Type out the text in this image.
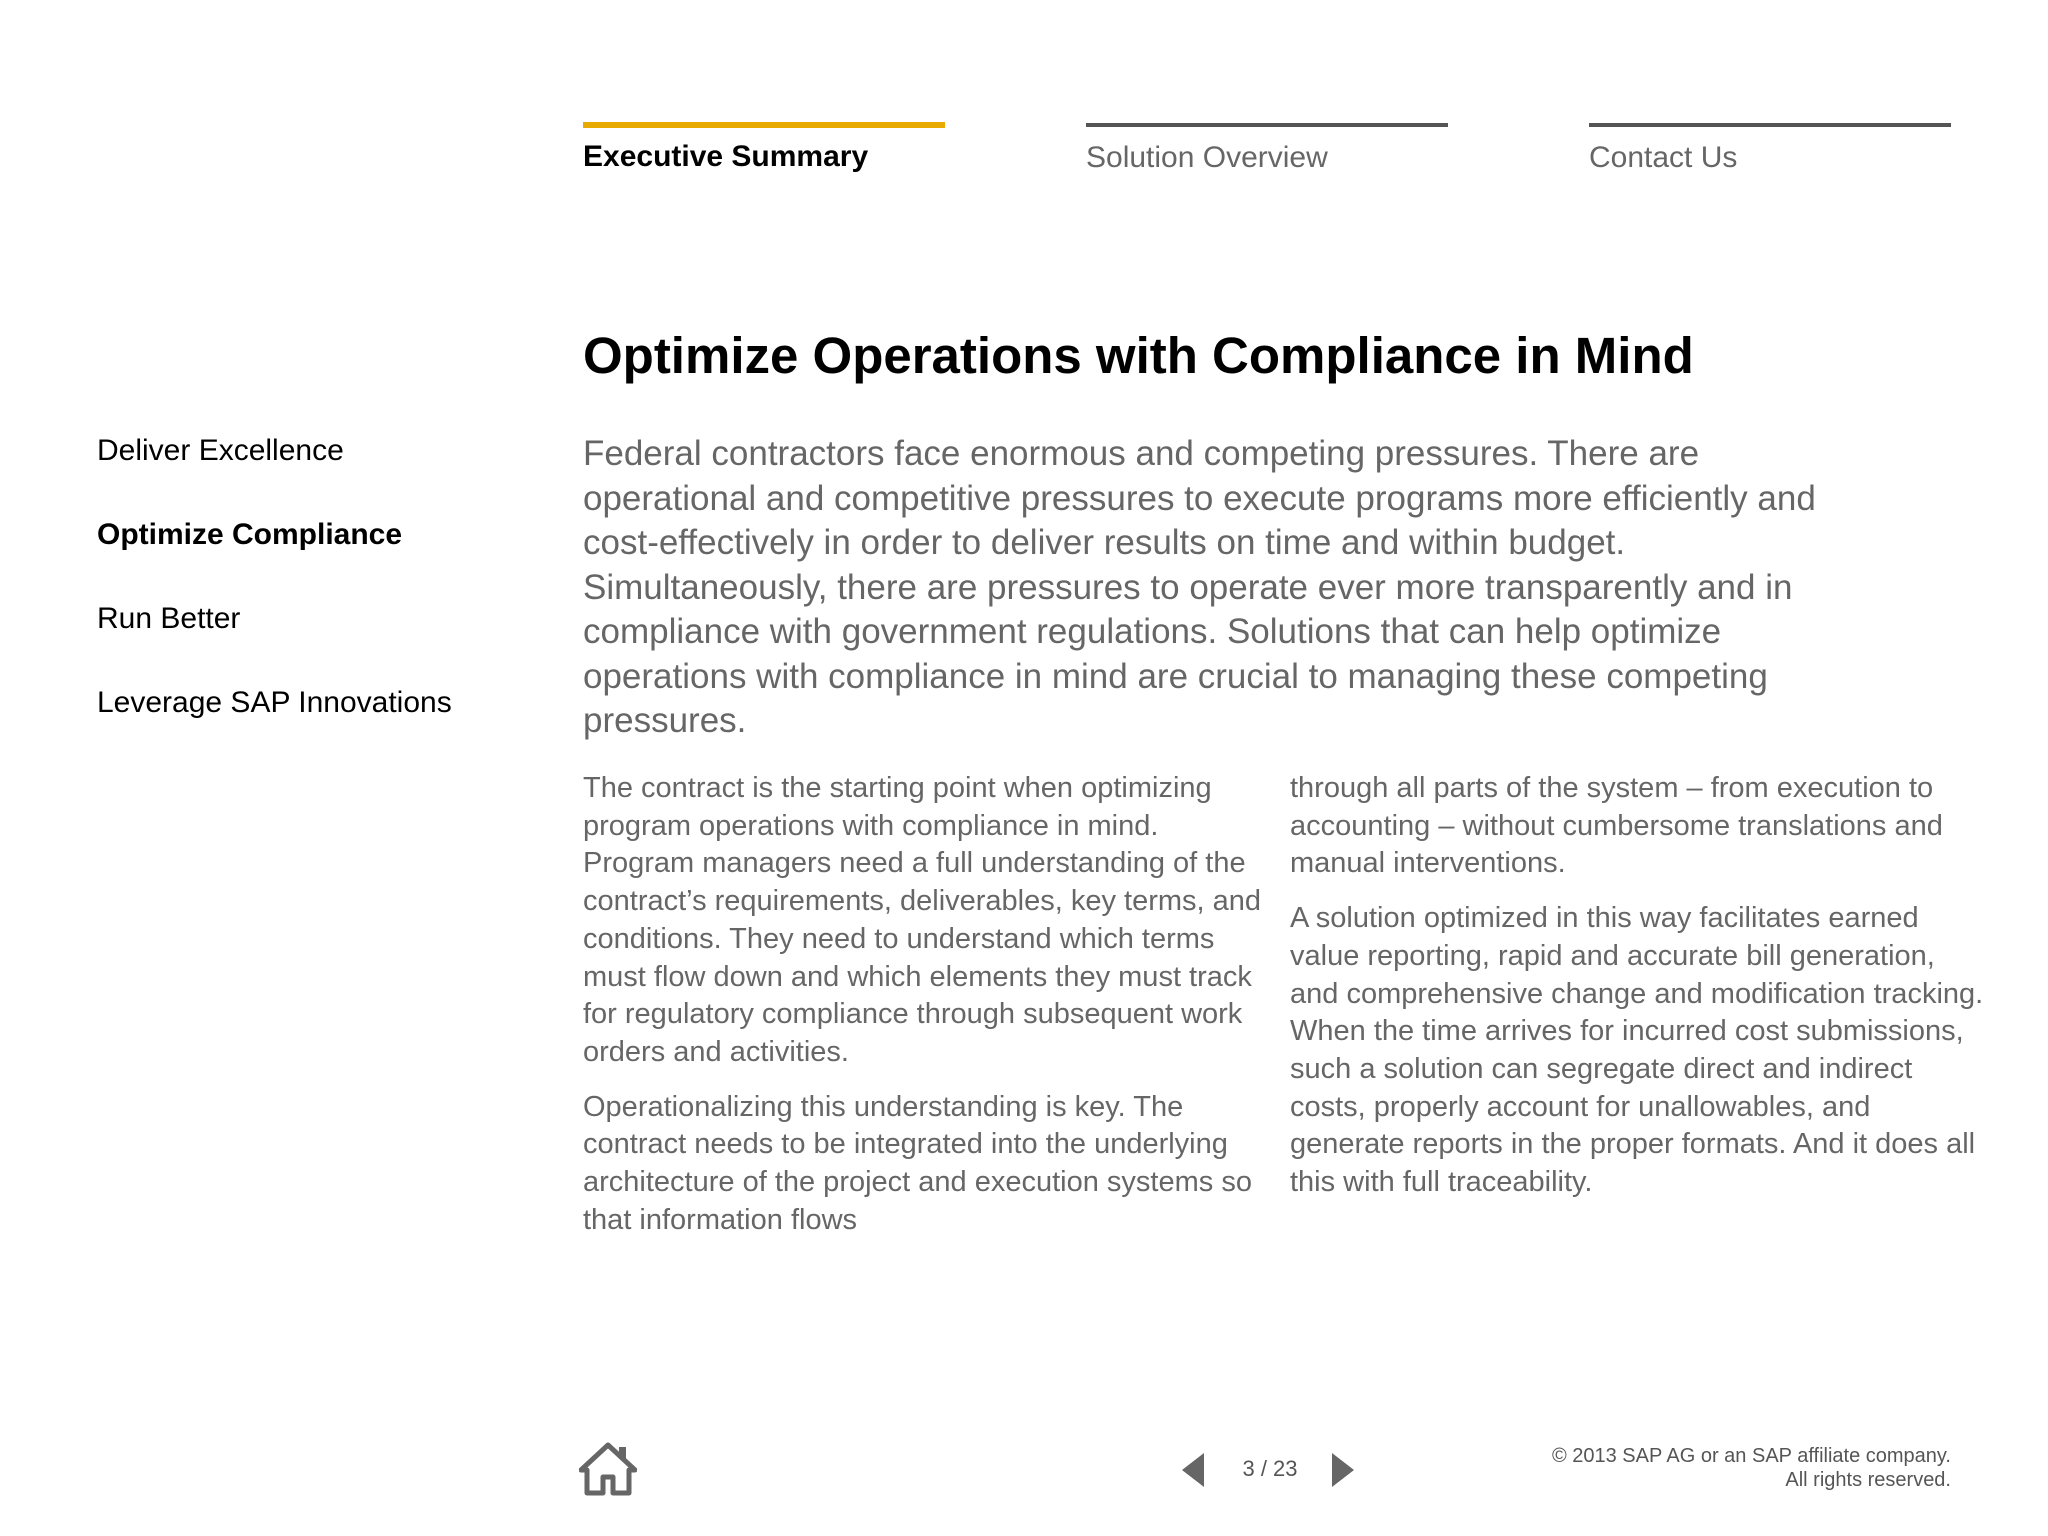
Executive Summary	Solution Overview	Contact Us
Deliver Excellence
Optimize Compliance
Run Better
Leverage SAP Innovations
Optimize Operations with Compliance in Mind
Federal contractors face enormous and competing pressures. There are operational and competitive pressures to execute programs more efficiently and cost-effectively in order to deliver results on time and within budget. Simultaneously, there are pressures to operate ever more transparently and in compliance with government regulations. Solutions that can help optimize operations with compliance in mind are crucial to managing these competing pressures.

The contract is the starting point when optimizing program operations with compliance in mind. Program managers need a full understanding of the contract’s requirements, deliverables, key terms, and conditions. They need to understand which terms must flow down and which elements they must track for regulatory compliance through subsequent work orders and activities.

Operationalizing this understanding is key. The contract needs to be integrated into the underlying architecture of the project and execution systems so that information flows

through all parts of the system – from execution to accounting – without cumbersome translations and manual interventions.

A solution optimized in this way facilitates earned value reporting, rapid and accurate bill generation, and comprehensive change and modification tracking. When the time arrives for incurred cost submissions, such a solution can segregate direct and indirect costs, properly account for unallowables, and generate reports in the proper formats. And it does all this with full traceability.

3 / 23	© 2013 SAP AG or an SAP affiliate company.
All rights reserved.
